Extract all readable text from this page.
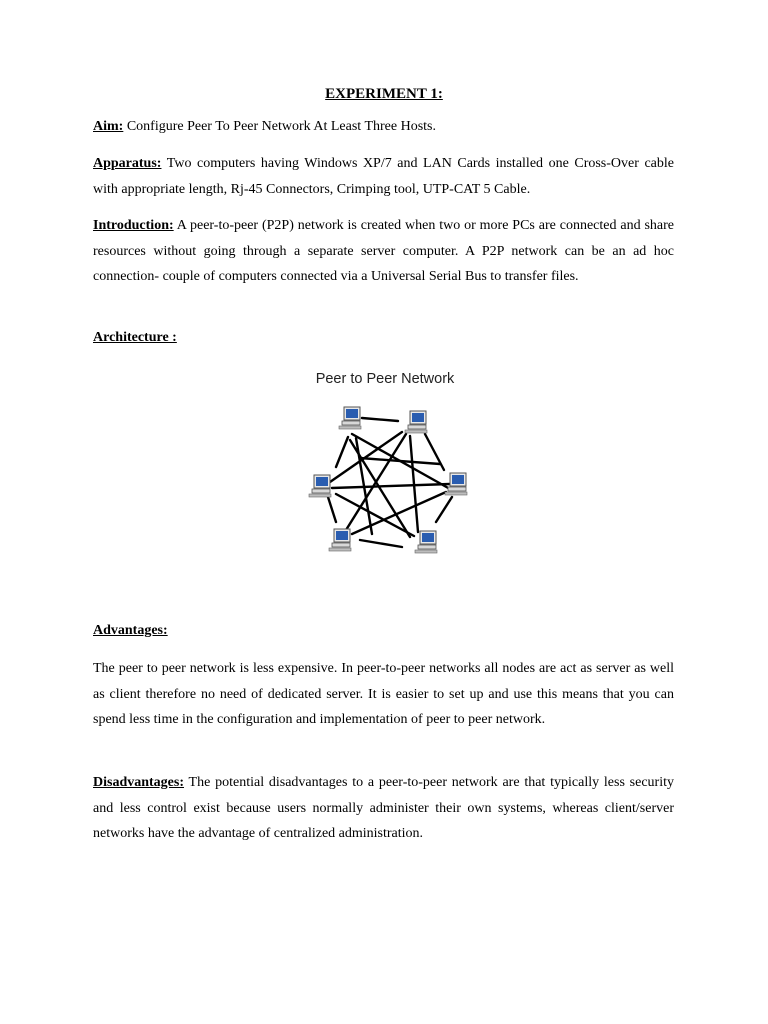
EXPERIMENT 1:
Aim: Configure Peer To Peer Network At Least Three Hosts.
Apparatus: Two computers having Windows XP/7 and LAN Cards installed one Cross-Over cable with appropriate length, Rj-45 Connectors, Crimping tool, UTP-CAT 5 Cable.
Introduction: A peer-to-peer (P2P) network is created when two or more PCs are connected and share resources without going through a separate server computer. A P2P network can be an ad hoc connection- couple of computers connected via a Universal Serial Bus to transfer files.
Architecture :
Peer to Peer Network
Advantages:
The peer to peer network is less expensive. In peer-to-peer networks all nodes are act as server as well as client therefore no need of dedicated server. It is easier to set up and use this means that you can spend less time in the configuration and implementation of peer to peer network.
Disadvantages: The potential disadvantages to a peer-to-peer network are that typically less security and less control exist because users normally administer their own systems, whereas client/server networks have the advantage of centralized administration.
